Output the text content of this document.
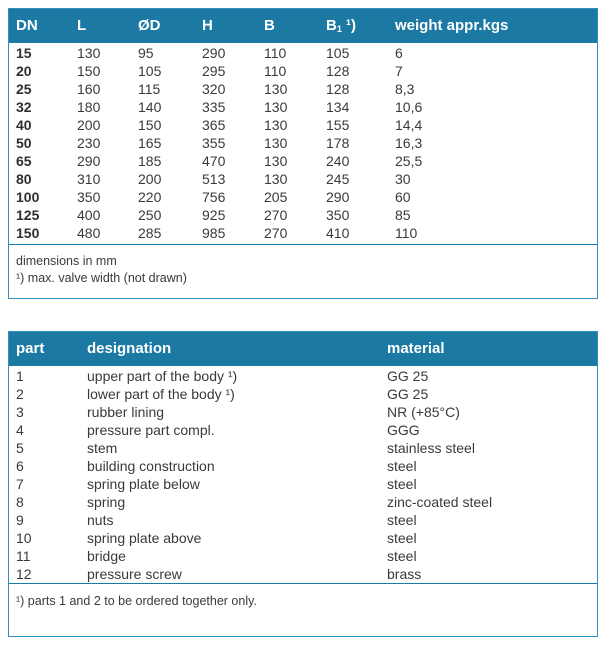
DN	L	ØD	H	B	$B_1$ ¹)	weight appr.kgs
15	130	95	290	110	105	6
20	150	105	295	110	128	7
25	160	115	320	130	128	8,3
32	180	140	335	130	134	10,6
40	200	150	365	130	155	14,4
50	230	165	355	130	178	16,3
65	290	185	470	130	240	25,5
80	310	200	513	130	245	30
100	350	220	756	205	290	60
125	400	250	925	270	350	85
150	480	285	985	270	410	110
dimensions in mm
¹) max. valve width (not drawn)
part	designation	material
1	upper part of the body ¹)	GG 25
2	lower part of the body ¹)	GG 25
3	rubber lining	NR (+85°C)
4	pressure part compl.	GGG
5	stem	stainless steel
6	building construction	steel
7	spring plate below	steel
8	spring	zinc-coated steel
9	nuts	steel
10	spring plate above	steel
11	bridge	steel
12	pressure screw	brass
¹) parts 1 and 2 to be ordered together only.
